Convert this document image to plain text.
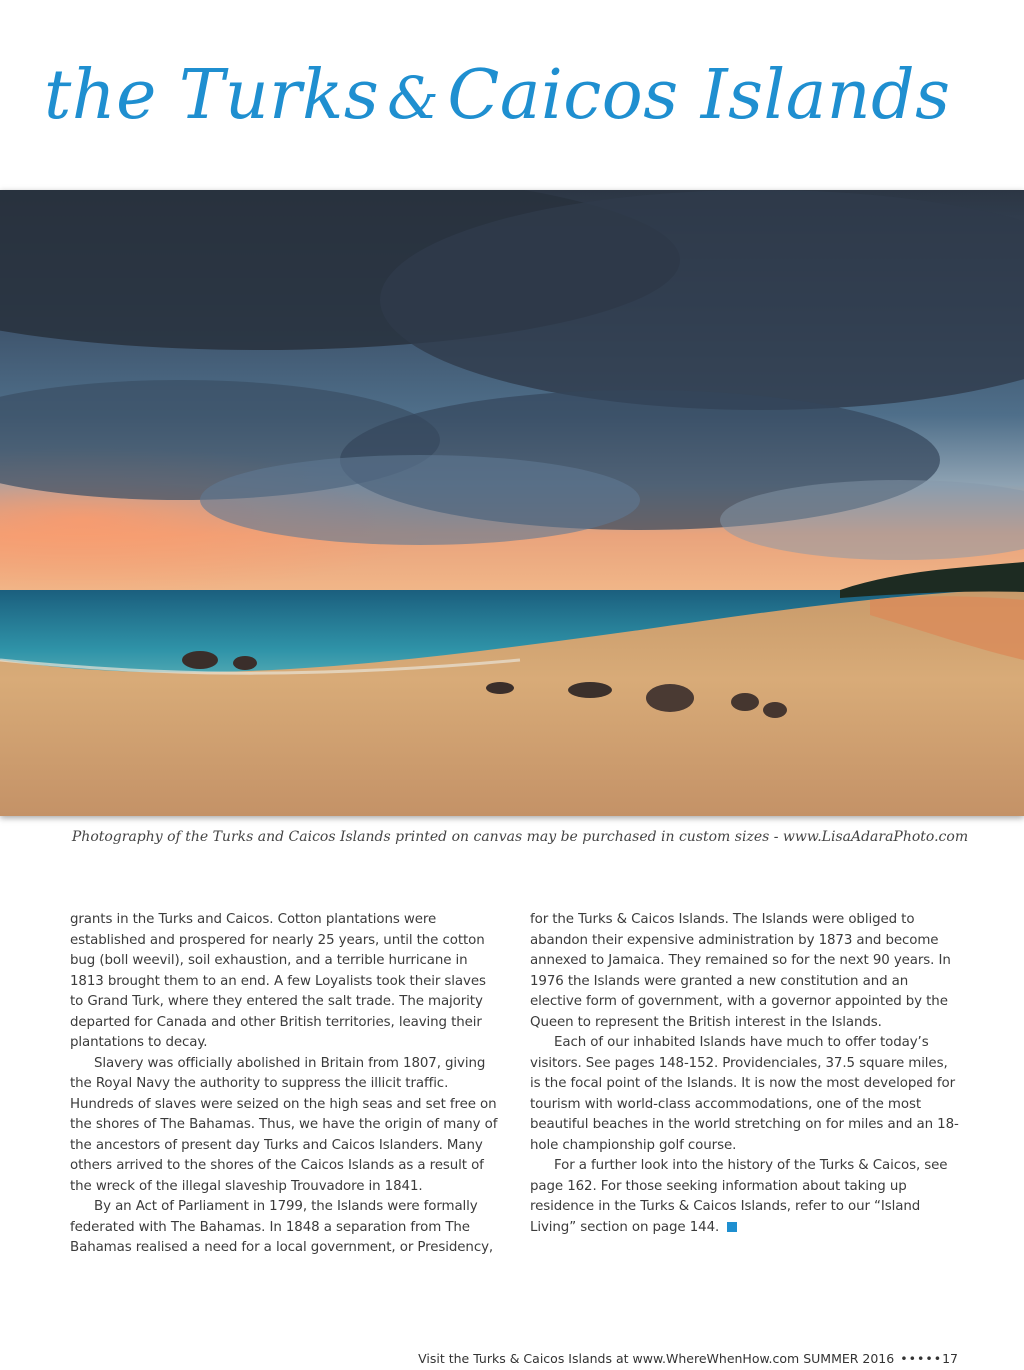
the Turks & Caicos Islands
Photography of the Turks and Caicos Islands printed on canvas may be purchased in custom sizes - www.LisaAdaraPhoto.com

grants in the Turks and Caicos. Cotton plantations were established and prospered for nearly 25 years, until the cotton bug (boll weevil), soil exhaustion, and a terrible hurricane in 1813 brought them to an end. A few Loyalists took their slaves to Grand Turk, where they entered the salt trade. The majority departed for Canada and other British territories, leaving their plantations to decay.

Slavery was officially abolished in Britain from 1807, giving the Royal Navy the authority to suppress the illicit traffic. Hundreds of slaves were seized on the high seas and set free on the shores of The Bahamas. Thus, we have the origin of many of the ancestors of present day Turks and Caicos Islanders. Many others arrived to the shores of the Caicos Islands as a result of the wreck of the illegal slaveship Trouvadore in 1841.

By an Act of Parliament in 1799, the Islands were formally federated with The Bahamas. In 1848 a separation from The Bahamas realised a need for a local government, or Presidency,

for the Turks & Caicos Islands. The Islands were obliged to abandon their expensive administration by 1873 and become annexed to Jamaica. They remained so for the next 90 years. In 1976 the Islands were granted a new constitution and an elective form of government, with a governor appointed by the Queen to represent the British interest in the Islands.

Each of our inhabited Islands have much to offer today’s visitors. See pages 148-152. Providenciales, 37.5 square miles, is the focal point of the Islands. It is now the most developed for tourism with world-class accommodations, one of the most beautiful beaches in the world stretching on for miles and an 18-hole championship golf course.

For a further look into the history of the Turks & Caicos, see page 162. For those seeking information about taking up residence in the Turks & Caicos Islands, refer to our “Island Living” section on page 144.

Visit the Turks & Caicos Islands at www.WhereWhenHow.com SUMMER 2016 •••••17
